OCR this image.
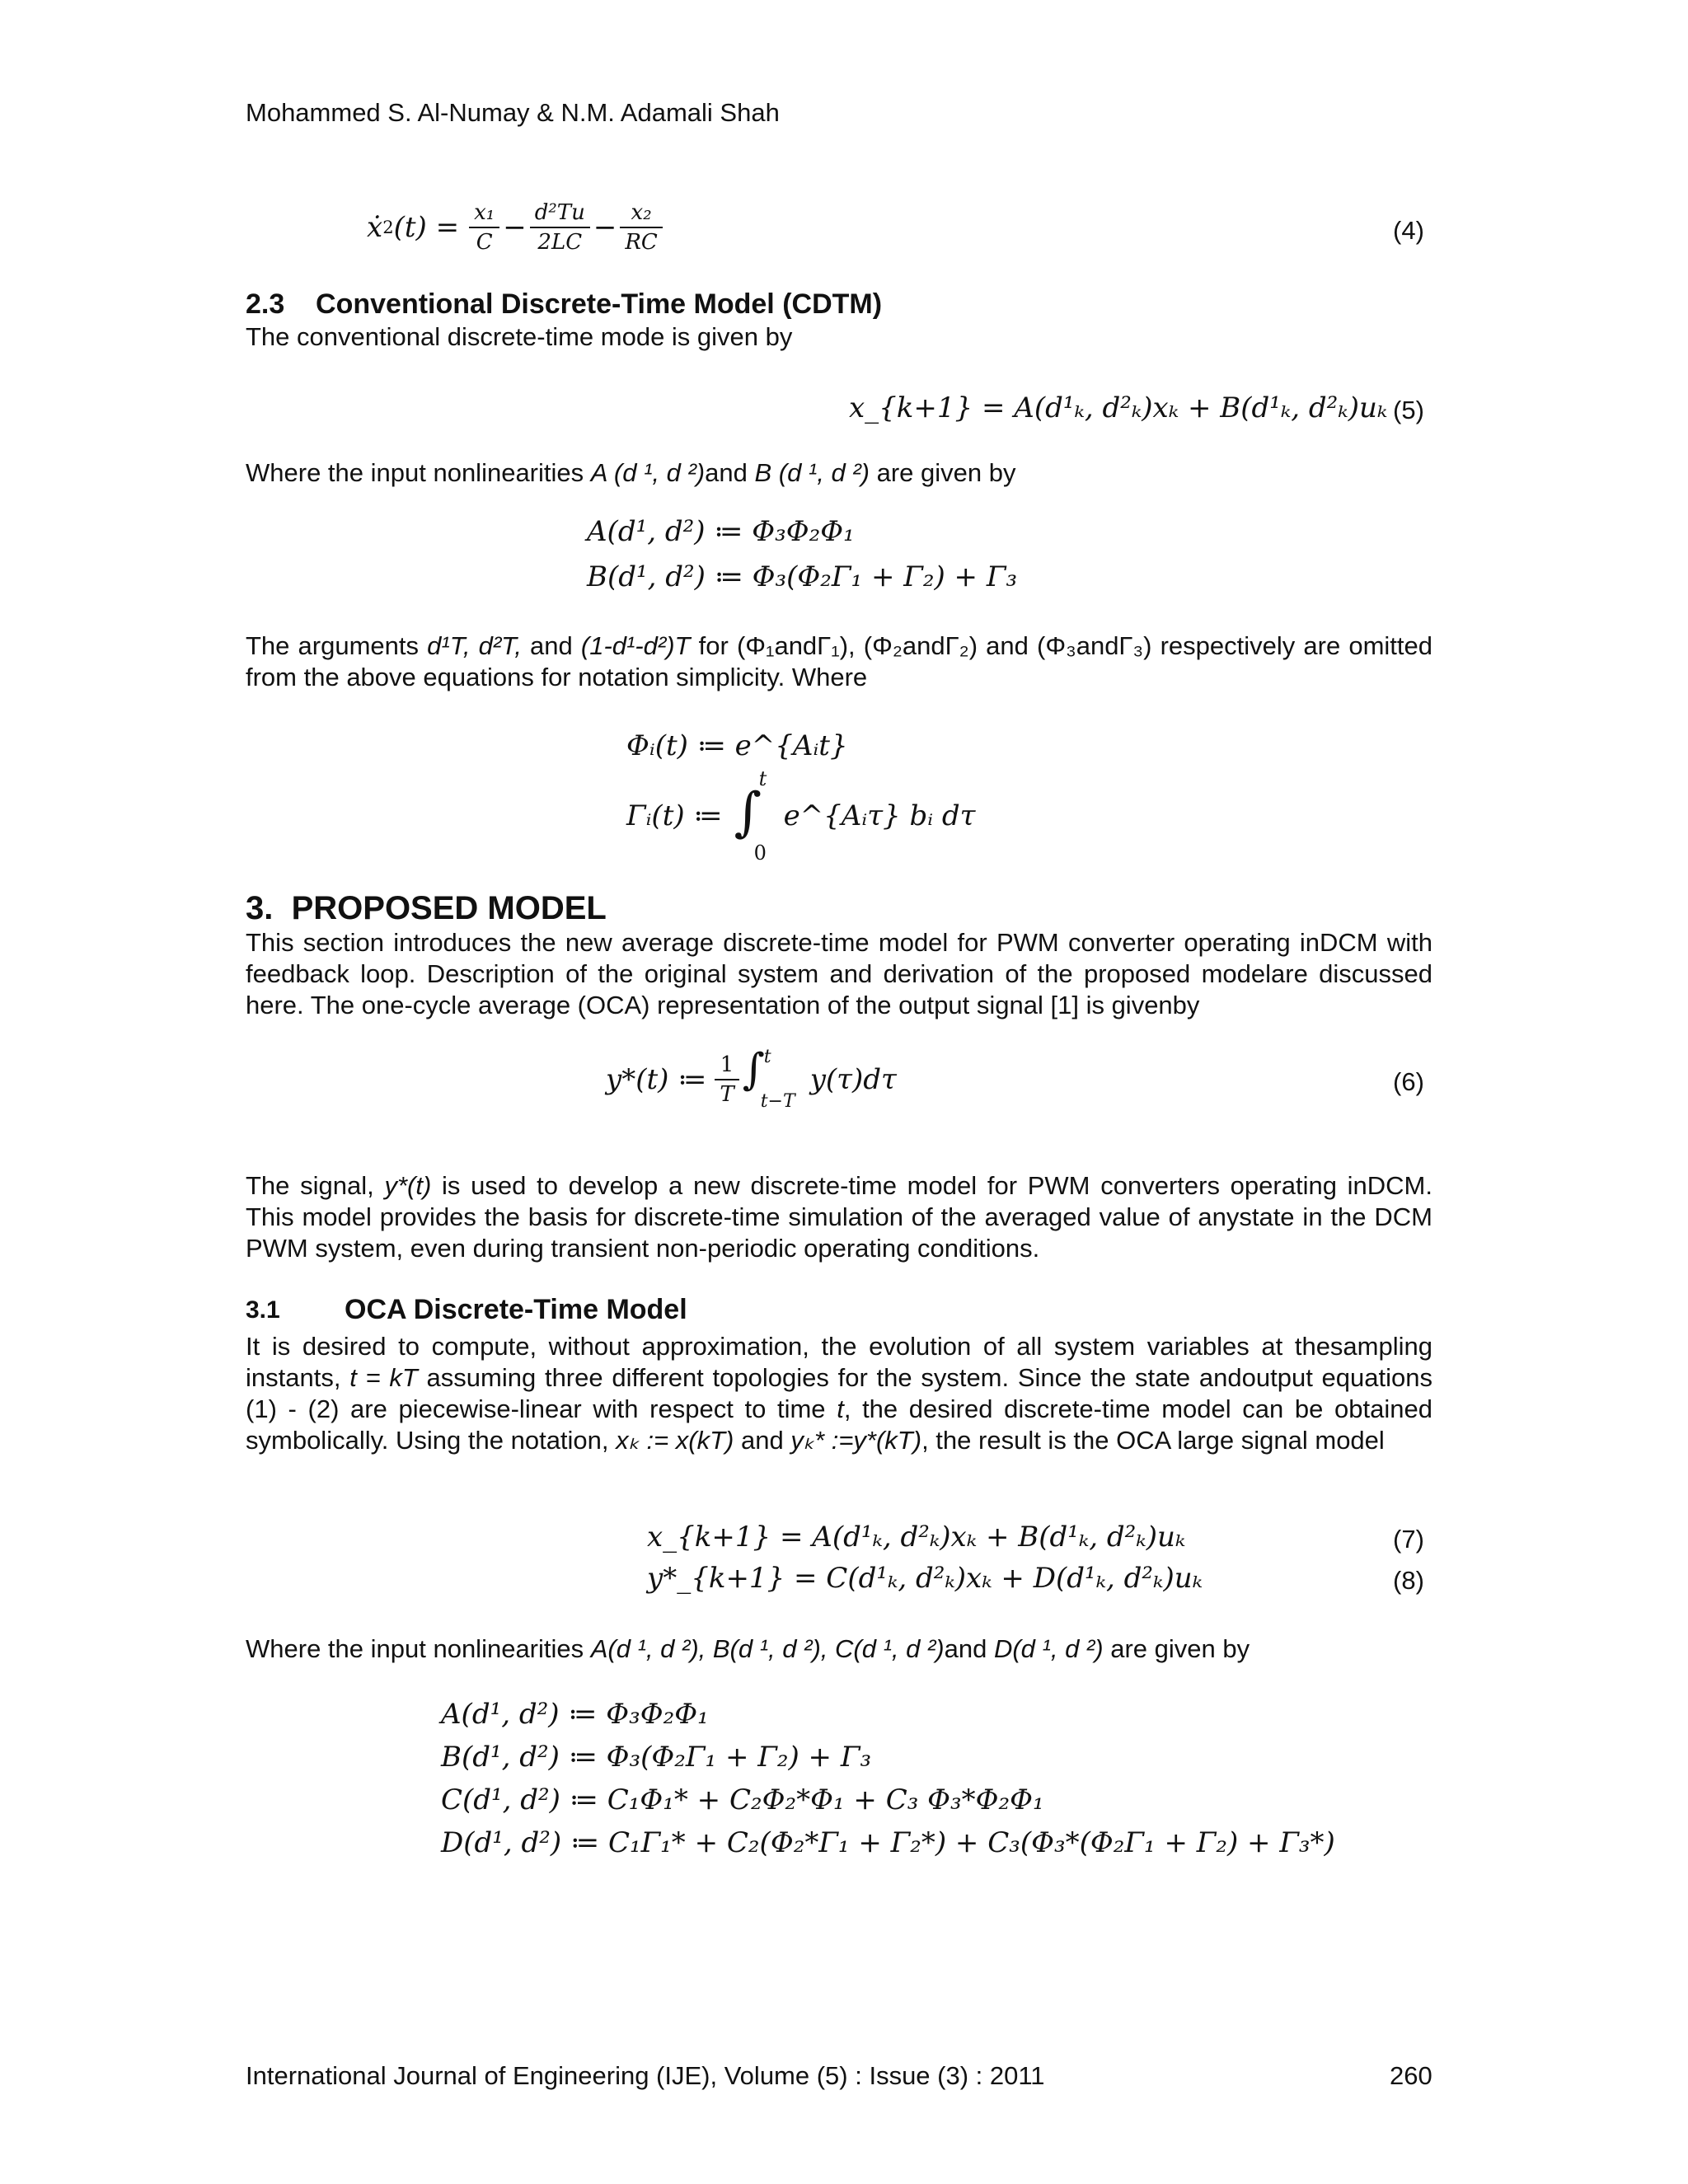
Mohammed S. Al-Numay & N.M. Adamali Shah
ẋ 2 $(t) = \frac{\text{x₁}}{C} - \frac{\text{d²Tu}}{2LC} - \frac{\text{x₂}}{RC}$	(4)
2.3    Conventional Discrete-Time Model (CDTM)
The conventional discrete-time mode is given by
x_{k+1} = A(d¹ₖ, d²ₖ)xₖ + B(d¹ₖ, d²ₖ)uₖ (5)
Where the input nonlinearities A (d ¹, d ²)and B (d ¹, d ²) are given by
A(d¹, d²) ≔ Φ₃Φ₂Φ₁
B(d¹, d²) ≔ Φ₃(Φ₂Γ₁ + Γ₂) + Γ₃
The arguments d¹T, d²T, and (1-d¹-d²)T for (Φ₁andΓ₁), (Φ₂andΓ₂) and (Φ₃andΓ₃) respectively are omitted from the above equations for notation simplicity. Where
Φᵢ(t) ≔ e^{Aᵢt}
Γᵢ(t) ≔ ∫
t
0
e^{Aᵢτ} bᵢ dτ
3.  PROPOSED MODEL
This section introduces the new average discrete-time model for PWM converter operating inDCM with feedback loop. Description of the original system and derivation of the proposed modelare discussed here. The one-cycle average (OCA) representation of the output signal [1] is givenby
y*(t) ≔ $\frac{1}{T}$ ∫
t
t−T
y(τ)dτ	(6)
The signal, y*(t) is used to develop a new discrete-time model for PWM converters operating inDCM. This model provides the basis for discrete-time simulation of the averaged value of anystate in the DCM PWM system, even during transient non-periodic operating conditions.
3.1 OCA Discrete-Time Model
It is desired to compute, without approximation, the evolution of all system variables at thesampling instants, t = kT assuming three different topologies for the system. Since the state andoutput equations (1) - (2) are piecewise-linear with respect to time t, the desired discrete-time model can be obtained symbolically. Using the notation, xₖ := x(kT) and yₖ* :=y*(kT), the result is the OCA large signal model
x_{k+1} = A(d¹ₖ, d²ₖ)xₖ + B(d¹ₖ, d²ₖ)uₖ	(7)
y*_{k+1} = C(d¹ₖ, d²ₖ)xₖ + D(d¹ₖ, d²ₖ)uₖ	(8)
Where the input nonlinearities A(d ¹, d ²), B(d ¹, d ²), C(d ¹, d ²)and D(d ¹, d ²) are given by
A(d¹, d²) ≔ Φ₃Φ₂Φ₁
B(d¹, d²) ≔ Φ₃(Φ₂Γ₁ + Γ₂) + Γ₃
C(d¹, d²) ≔ C₁Φ₁* + C₂Φ₂*Φ₁ + C₃ Φ₃*Φ₂Φ₁
D(d¹, d²) ≔ C₁Γ₁* + C₂(Φ₂*Γ₁ + Γ₂*) + C₃(Φ₃*(Φ₂Γ₁ + Γ₂) + Γ₃*)
International Journal of Engineering (IJE), Volume (5) : Issue (3) : 2011	260
